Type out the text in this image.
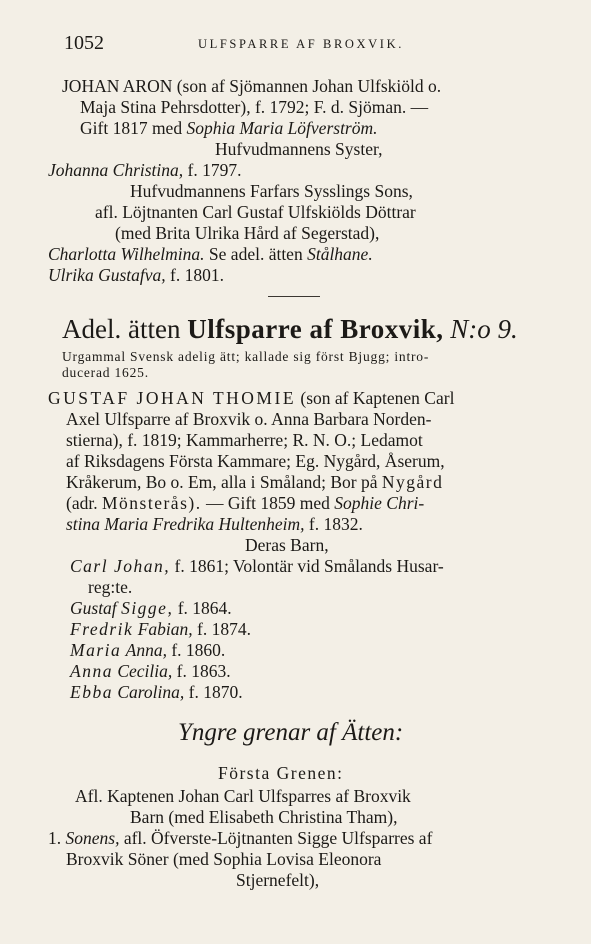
1052	ULFSPARRE AF BROXVIK.
JOHAN ARON (son af Sjömannen Johan Ulfskiöld o.
Maja Stina Pehrsdotter), f. 1792; F. d. Sjöman. —
Gift 1817 med Sophia Maria Löfverström.
Hufvudmannens Syster,
Johanna Christina, f. 1797.
Hufvudmannens Farfars Sysslings Sons,
afl. Löjtnanten Carl Gustaf Ulfskiölds Döttrar
(med Brita Ulrika Hård af Segerstad),
Charlotta Wilhelmina. Se adel. ätten Stålhane.
Ulrika Gustafva, f. 1801.
Adel. ätten Ulfsparre af Broxvik, N:o 9.
Urgammal Svensk adelig ätt; kallade sig först Bjugg; intro-
ducerad 1625.
GUSTAF JOHAN THOMIE (son af Kaptenen Carl
Axel Ulfsparre af Broxvik o. Anna Barbara Norden-
stierna), f. 1819; Kammarherre; R. N. O.; Ledamot
af Riksdagens Första Kammare; Eg. Nygård, Åserum,
Kråkerum, Bo o. Em, alla i Småland; Bor på Nygård
(adr. Mönsterås). — Gift 1859 med Sophie Chri-
stina Maria Fredrika Hultenheim, f. 1832.
Deras Barn,
Carl Johan, f. 1861; Volontär vid Smålands Husar-
reg:te.
Gustaf Sigge, f. 1864.
Fredrik Fabian, f. 1874.
Maria Anna, f. 1860.
Anna Cecilia, f. 1863.
Ebba Carolina, f. 1870.
Yngre grenar af Ätten:
Första Grenen:
Afl. Kaptenen Johan Carl Ulfsparres af Broxvik
Barn (med Elisabeth Christina Tham),
1. Sonens, afl. Öfverste-Löjtnanten Sigge Ulfsparres af
Broxvik Söner (med Sophia Lovisa Eleonora
Stjernefelt),
